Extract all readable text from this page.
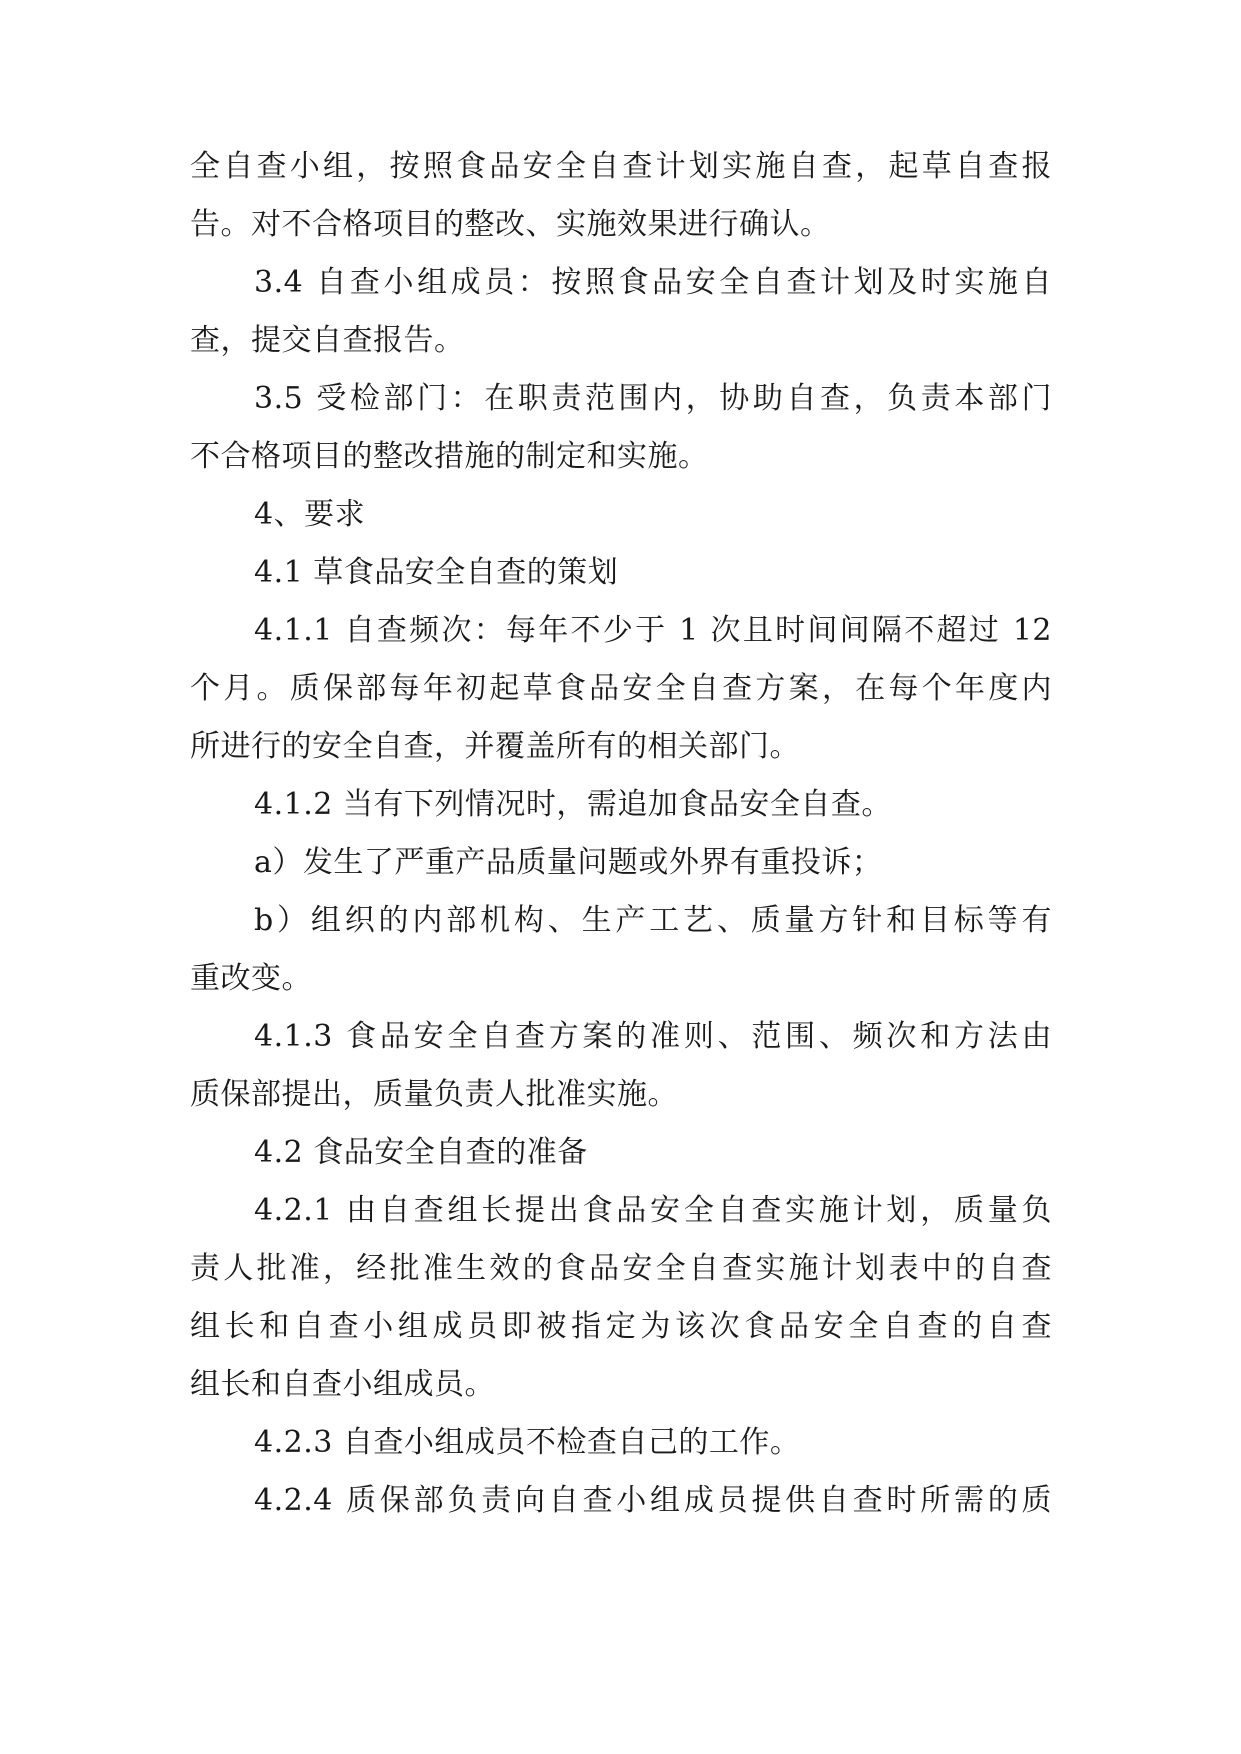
全自查小组，按照食品安全自查计划实施自查，起草自查报
告。对不合格项目的整改、实施效果进行确认。
3.4 自查小组成员：按照食品安全自查计划及时实施自
查，提交自查报告。
3.5 受检部门：在职责范围内，协助自查，负责本部门
不合格项目的整改措施的制定和实施。
4、要求
4.1 草食品安全自查的策划
4.1.1 自查频次：每年不少于 1 次且时间间隔不超过 12
个月。质保部每年初起草食品安全自查方案，在每个年度内
所进行的安全自查，并覆盖所有的相关部门。
4.1.2 当有下列情况时，需追加食品安全自查。
a）发生了严重产品质量问题或外界有重投诉；
b）组织的内部机构、生产工艺、质量方针和目标等有
重改变。
4.1.3 食品安全自查方案的准则、范围、频次和方法由
质保部提出，质量负责人批准实施。
4.2 食品安全自查的准备
4.2.1 由自查组长提出食品安全自查实施计划，质量负
责人批准，经批准生效的食品安全自查实施计划表中的自查
组长和自查小组成员即被指定为该次食品安全自查的自查
组长和自查小组成员。
4.2.3 自查小组成员不检查自己的工作。
4.2.4 质保部负责向自查小组成员提供自查时所需的质
